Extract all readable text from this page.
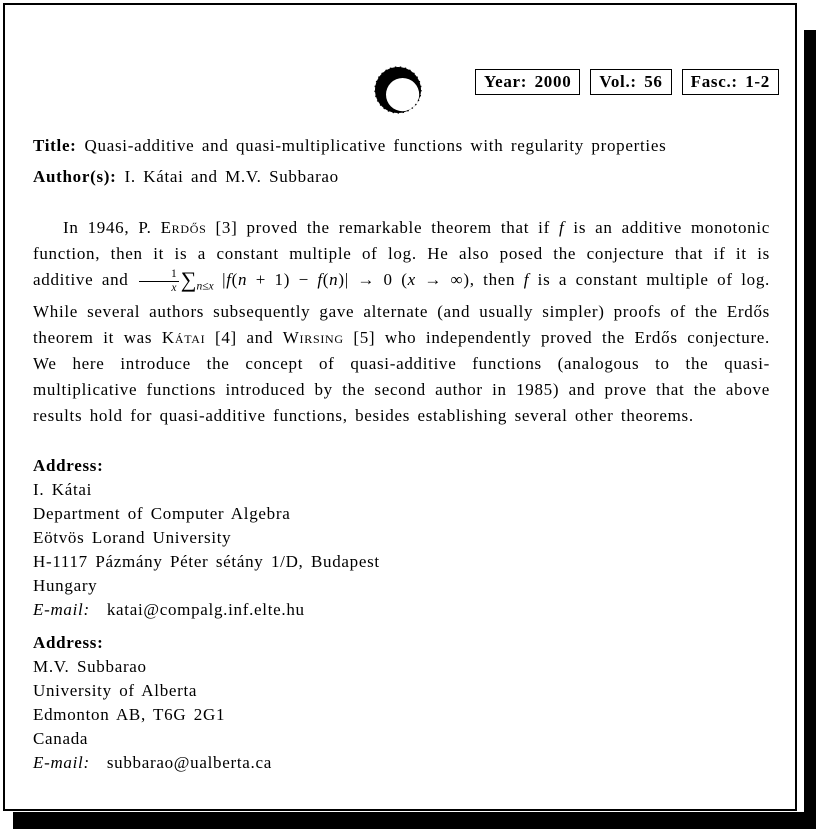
Year: 2000	Vol.: 56	Fasc.: 1-2
Title: Quasi-additive and quasi-multiplicative functions with regularity properties
Author(s): I. Kátai and M.V. Subbarao

In 1946, P. Erdős [3] proved the remarkable theorem that if f is an additive monotonic function, then it is a constant multiple of log. He also posed the conjecture that if it is additive and $\frac{1}{x} \sum_{n\le x}$ |f(n + 1) − f(n)| → 0 (x → ∞), then f is a constant multiple of log. While several authors subsequently gave alternate (and usually simpler) proofs of the Erdős theorem it was Kátai [4] and Wirsing [5] who independently proved the Erdős conjecture. We here introduce the concept of quasi-additive functions (analogous to the quasi-multiplicative functions introduced by the second author in 1985) and prove that the above results hold for quasi-additive functions, besides establishing several other theorems.

Address:
I. Kátai
Department of Computer Algebra
Eötvös Lorand University
H-1117 Pázmány Péter sétány 1/D, Budapest
Hungary
E-mail: katai@compalg.inf.elte.hu
Address:
M.V. Subbarao
University of Alberta
Edmonton AB, T6G 2G1
Canada
E-mail: subbarao@ualberta.ca
